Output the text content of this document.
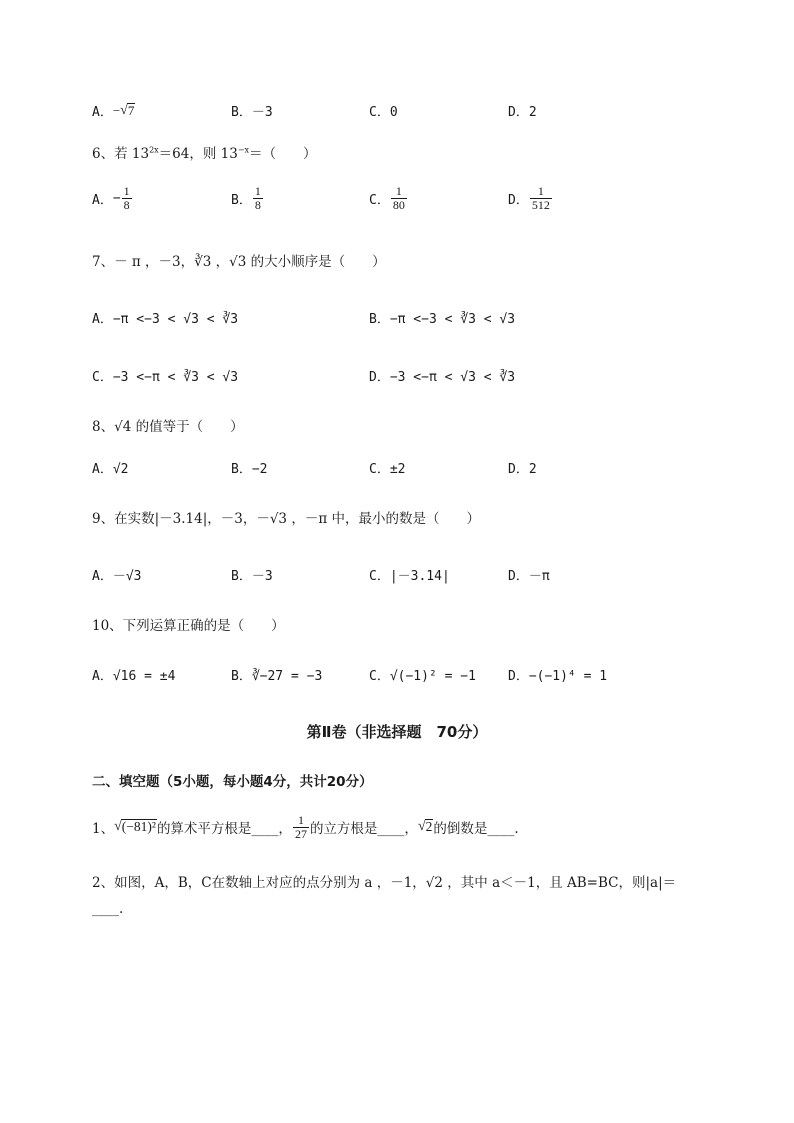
A． − √ 7	B．－3	C．0	D．2
6、若 $13^{2x}=64$，则 $13^{-x}=$（　　）
A． − $\frac{1}{8}$	B． $\frac{1}{8}$	C． $\frac{1}{80}$	D． $\frac{1}{512}$
7、－ π ，－3，∛3 ，√3 的大小顺序是（　　）
A．−π <−3 < √3 < ∛3	B．−π <−3 < ∛3 < √3
C．−3 <−π < ∛3 < √3	D．−3 <−π < √3 < ∛3
8、√4 的值等于（　　）
A．√2	B．−2	C．±2	D．2
9、在实数|－3.14|，－3，－√3 ，－π 中，最小的数是（　　）
A．－√3	B．－3	C．|－3.14|	D．－π
10、下列运算正确的是（　　）
A．√16 = ±4	B．∛−27 = −3	C．√(−1)² = −1 D．−(−1)⁴ = 1
第Ⅱ卷（非选择题　70分）
二、填空题（5小题，每小题4分，共计20分）
1、 √ (−81)² 的算术平方根是____， $\frac{1}{27}$ 的立方根是____， √ 2 的倒数是____.
2、如图，A，B，C在数轴上对应的点分别为 a ，－1，√2 ，其中 a＜－1，且 AB=BC，则|a|＝
____.
